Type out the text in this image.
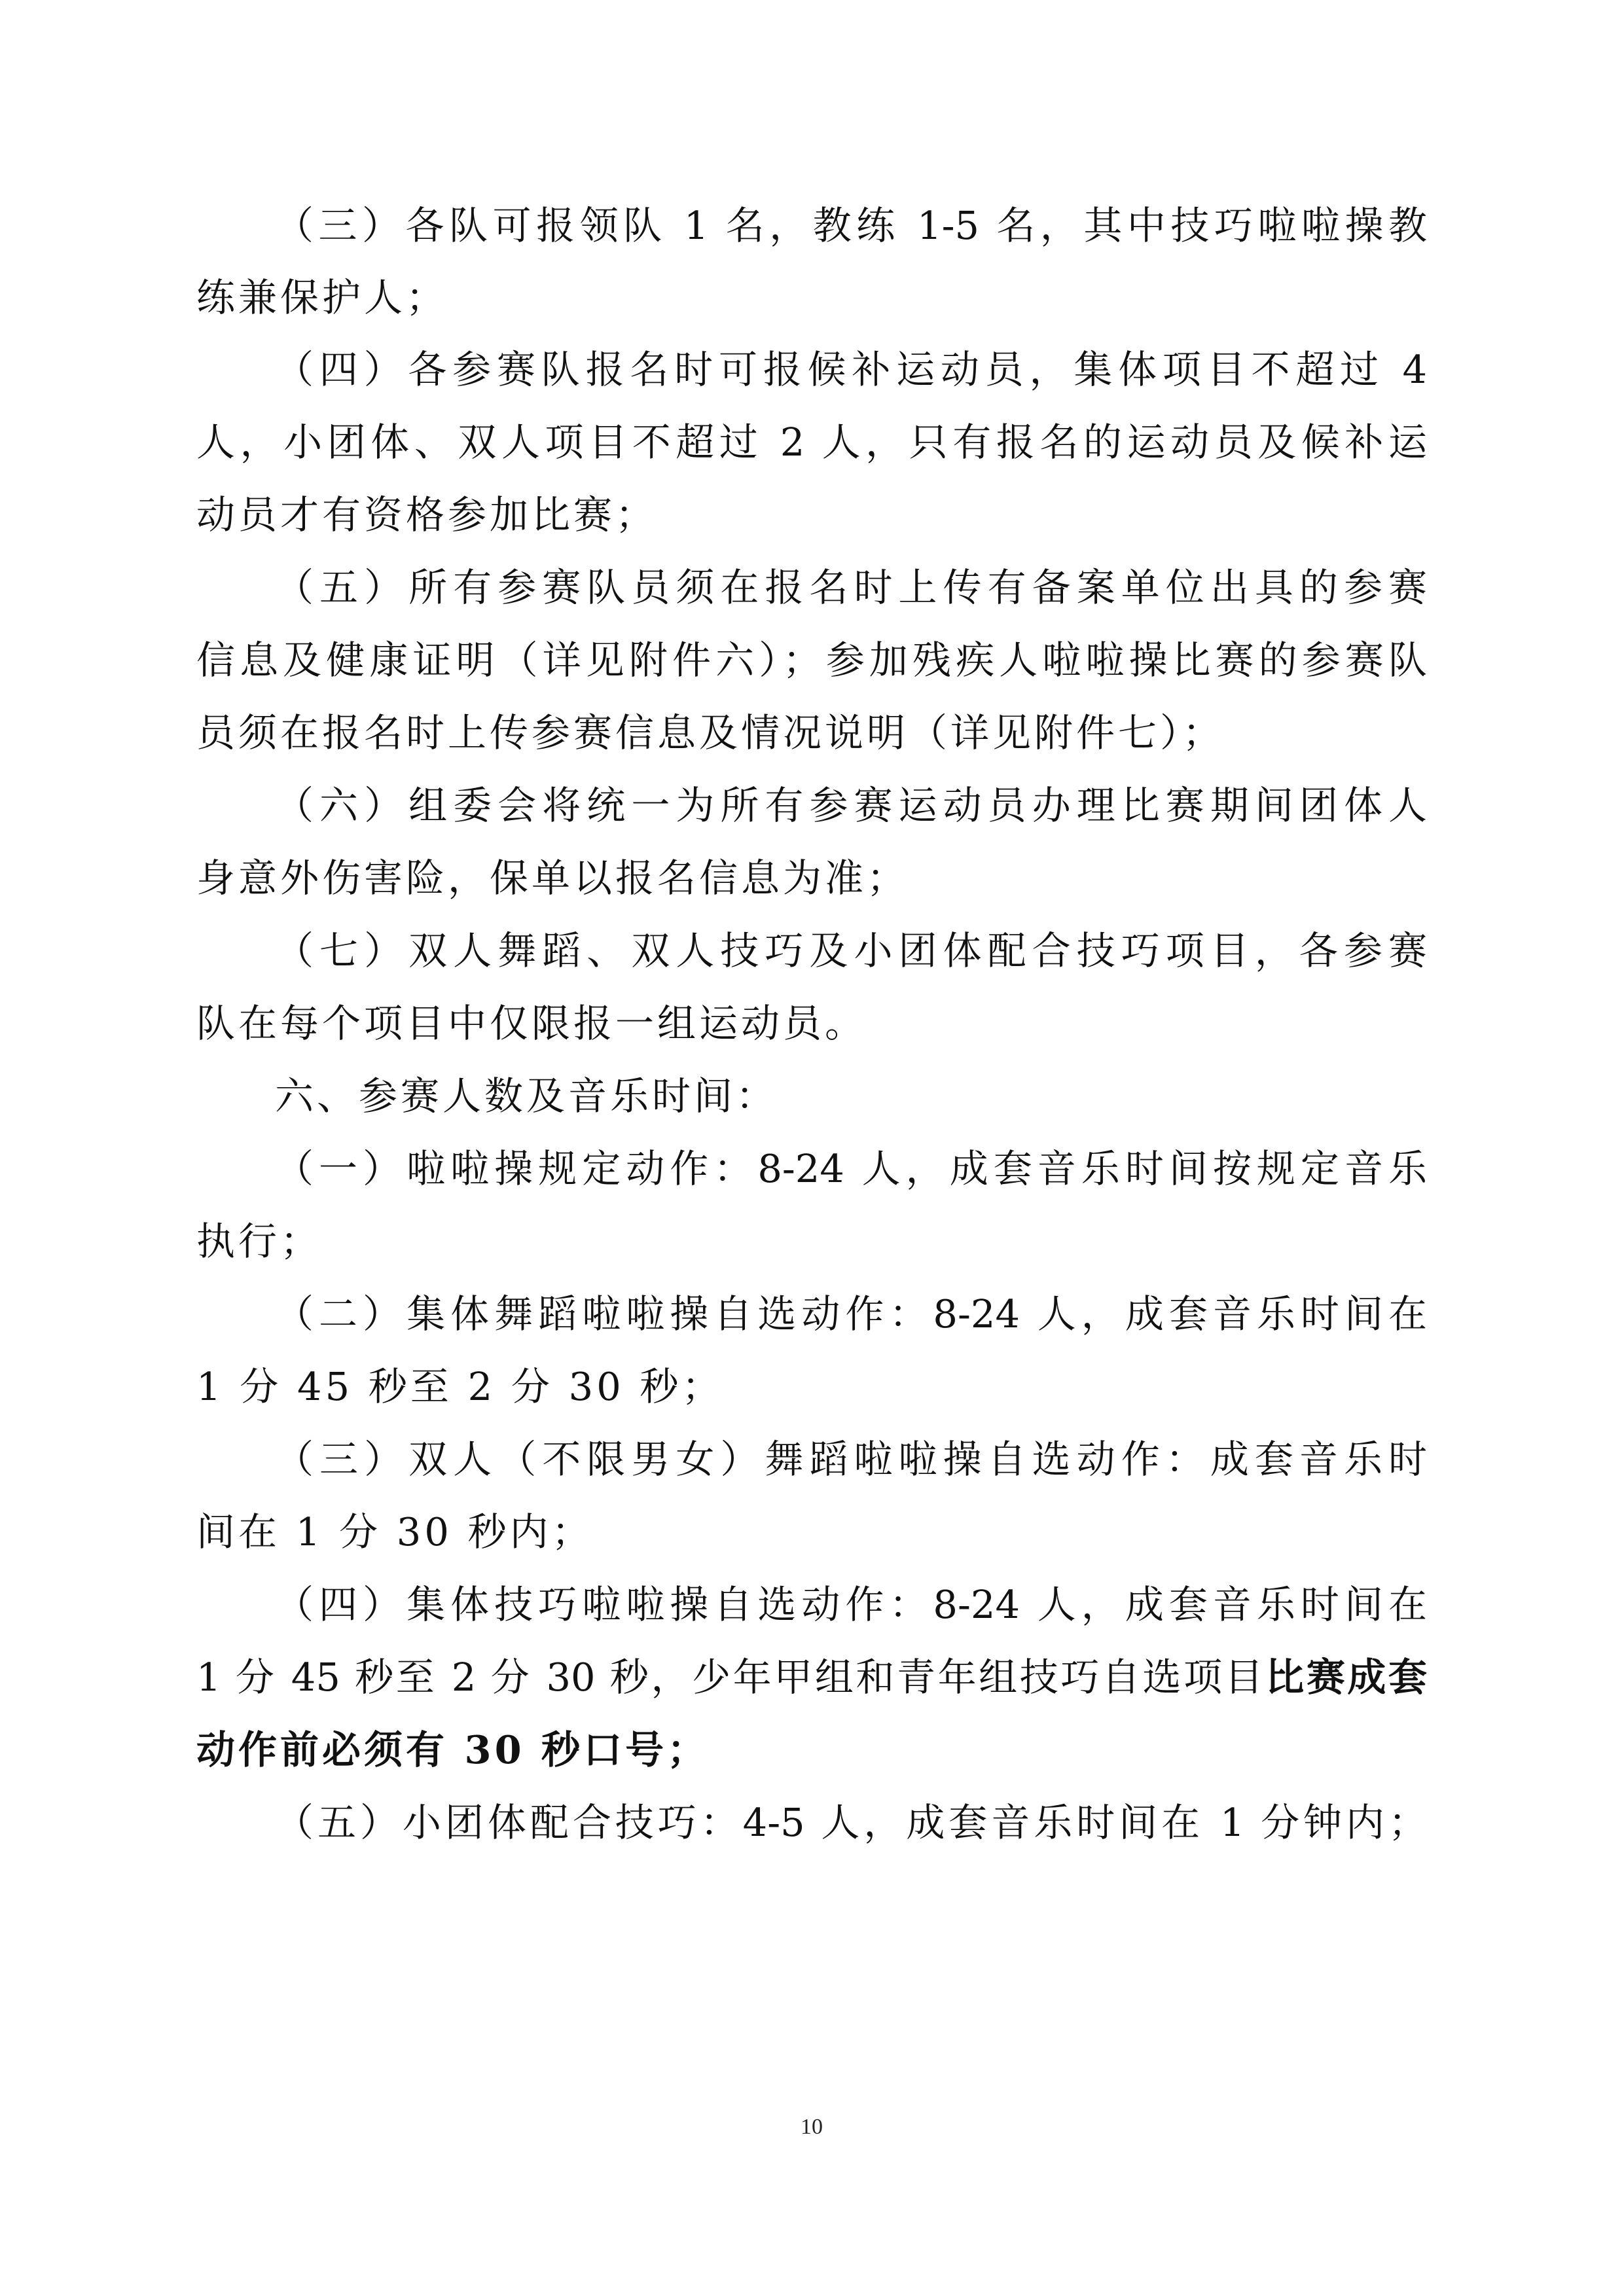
（三）各队可报领队 1 名，教练 1-5 名，其中技巧啦啦操教
练兼保护人；
（四）各参赛队报名时可报候补运动员，集体项目不超过 4
人，小团体、双人项目不超过 2 人，只有报名的运动员及候补运
动员才有资格参加比赛；
（五）所有参赛队员须在报名时上传有备案单位出具的参赛
信息及健康证明（详见附件六）；参加残疾人啦啦操比赛的参赛队
员须在报名时上传参赛信息及情况说明（详见附件七）；
（六）组委会将统一为所有参赛运动员办理比赛期间团体人
身意外伤害险，保单以报名信息为准；
（七）双人舞蹈、双人技巧及小团体配合技巧项目，各参赛
队在每个项目中仅限报一组运动员。
六、参赛人数及音乐时间：
（一）啦啦操规定动作：8-24 人，成套音乐时间按规定音乐
执行；
（二）集体舞蹈啦啦操自选动作：8-24 人，成套音乐时间在
1 分 45 秒至 2 分 30 秒；
（三）双人（不限男女）舞蹈啦啦操自选动作：成套音乐时
间在 1 分 30 秒内；
（四）集体技巧啦啦操自选动作：8-24 人，成套音乐时间在
1 分 45 秒至 2 分 30 秒，少年甲组和青年组技巧自选项目比赛成套
动作前必须有 30 秒口号；
（五）小团体配合技巧：4-5 人，成套音乐时间在 1 分钟内；
10
